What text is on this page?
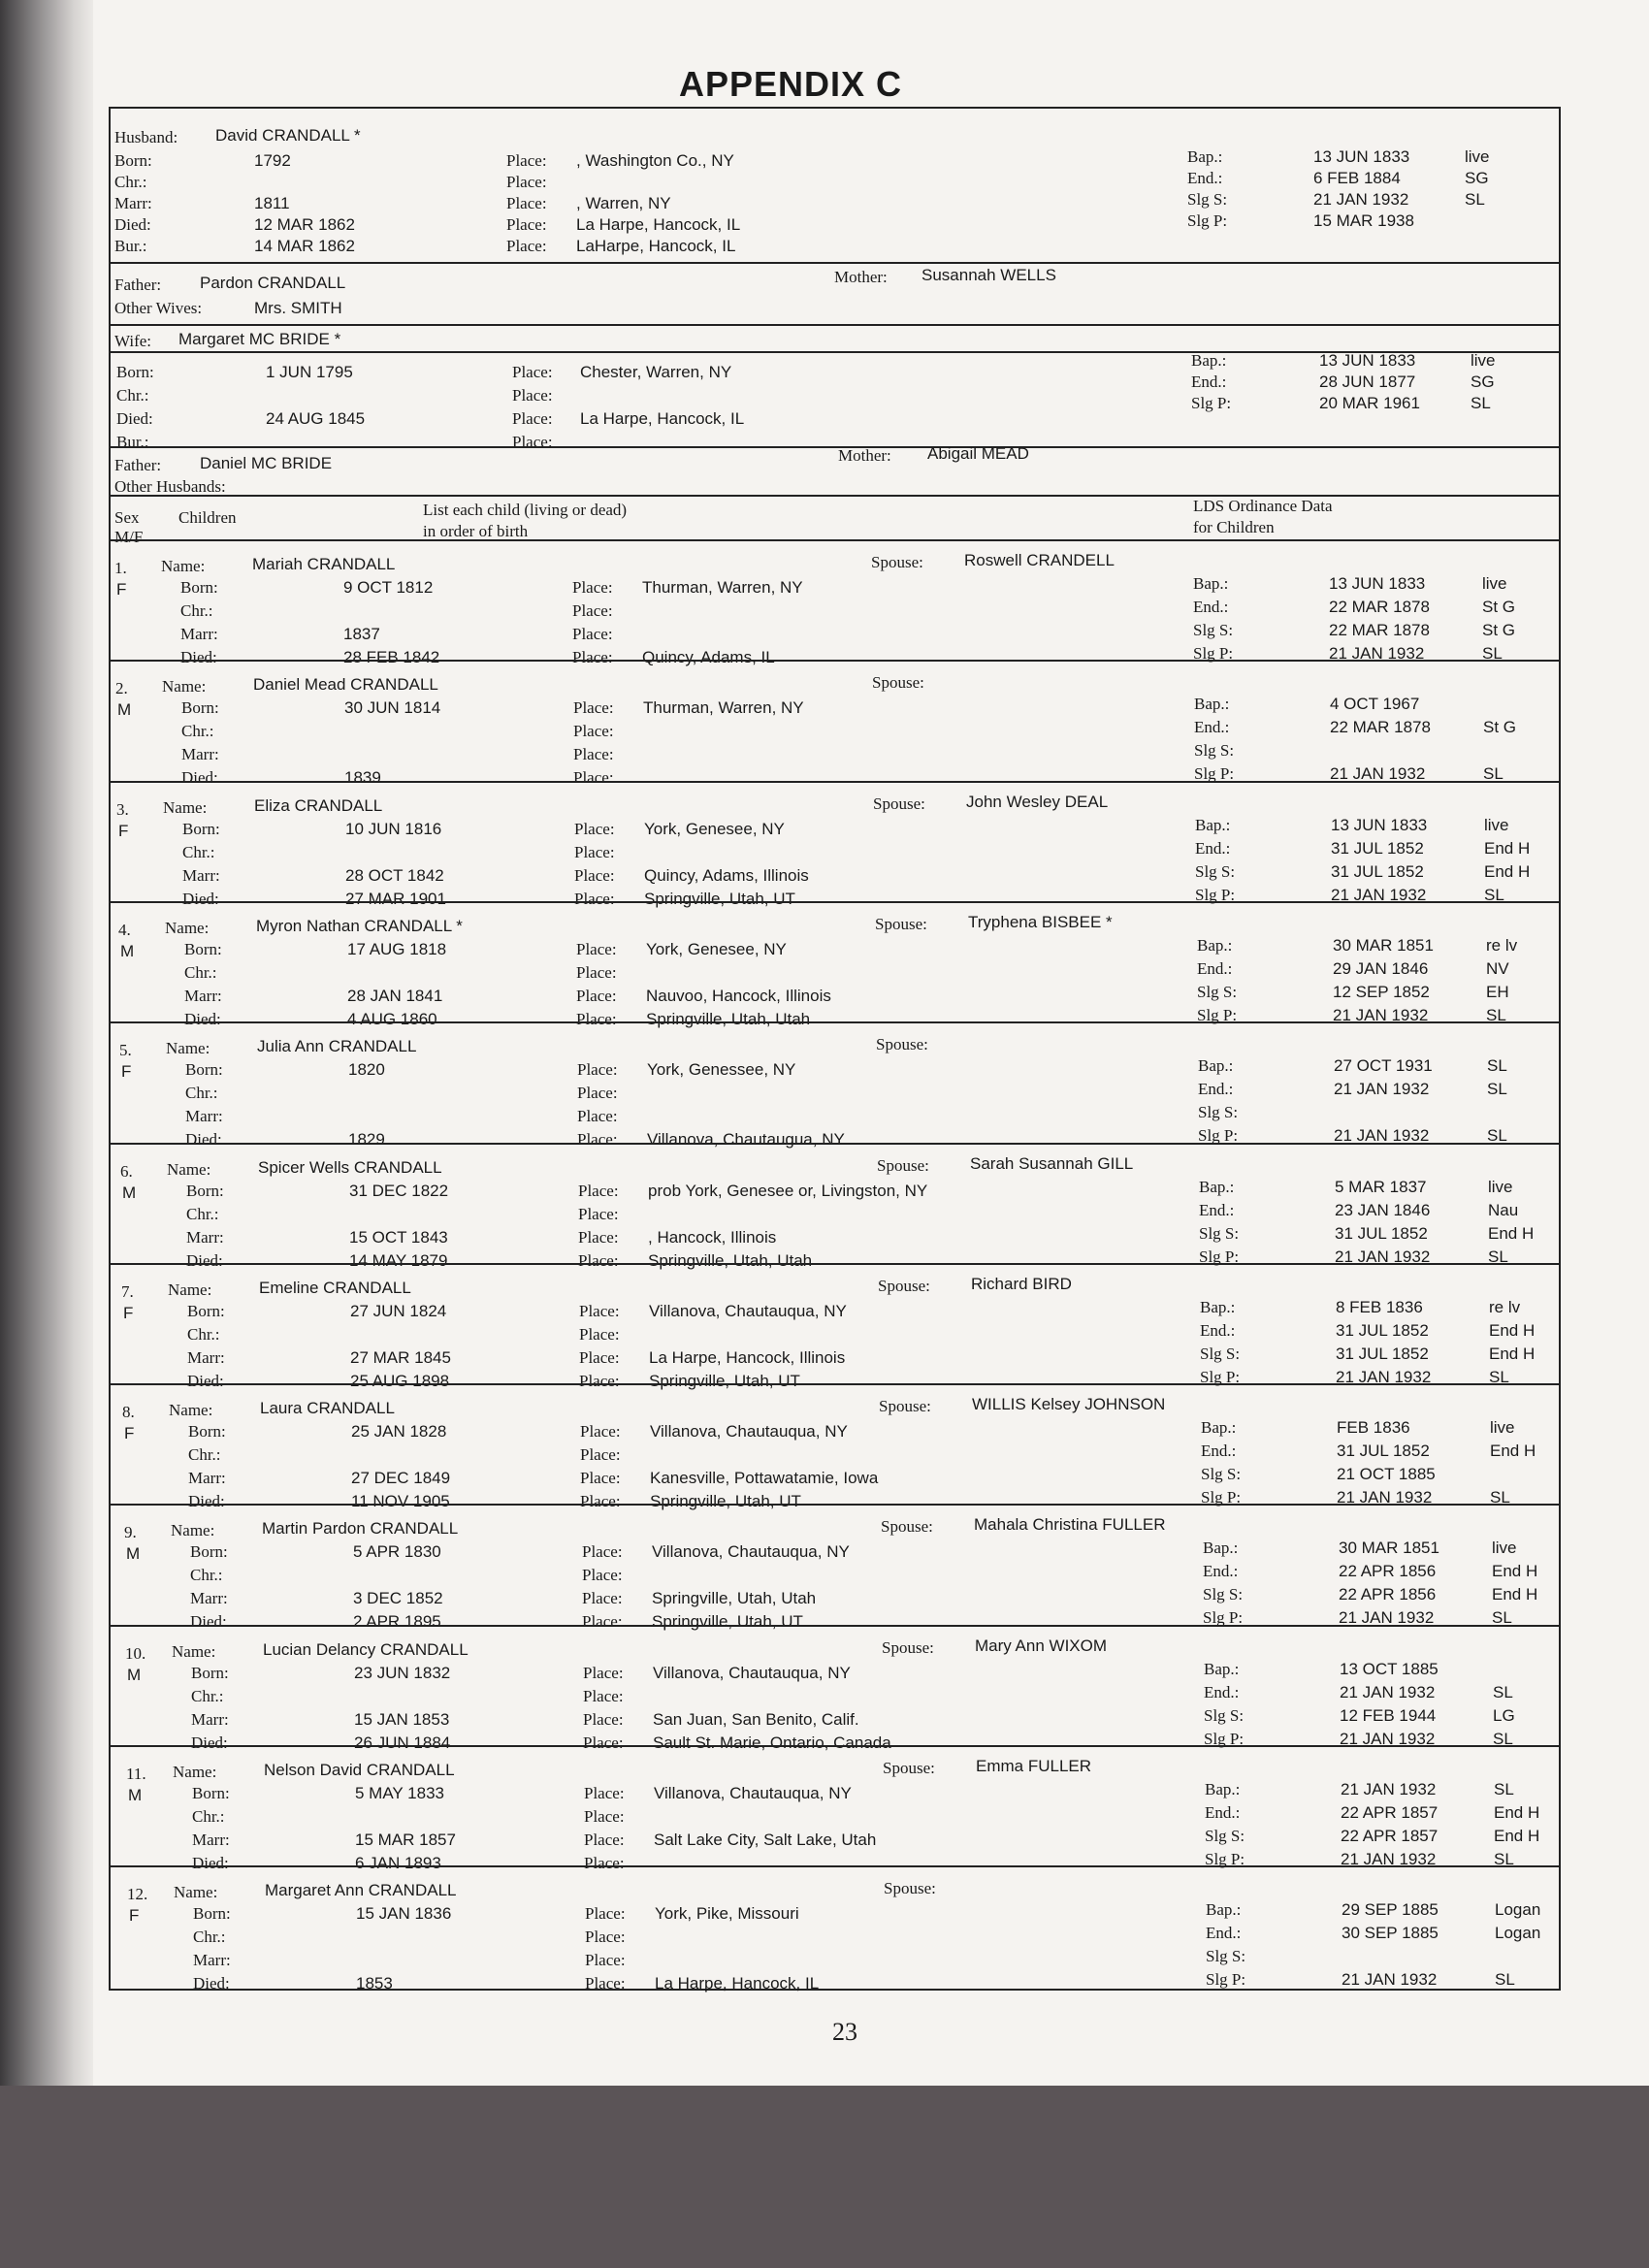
APPENDIX C
Husband: David CRANDALL *
Born:	1792	Place: , Washington Co., NY
Chr.:	Place:
Marr:	1811	Place: , Warren, NY
Died:	12 MAR 1862	Place: La Harpe, Hancock, IL
Bur.:	14 MAR 1862	Place: LaHarpe, Hancock, IL
Bap.:	13 JUN 1833	live
End.:	6 FEB 1884	SG
Slg S:	21 JAN 1932	SL
Slg P:	15 MAR 1938
Father: Pardon CRANDALL	Mother: Susannah WELLS
Other Wives:	Mrs. SMITH
Wife: Margaret MC BRIDE *
Born:	1 JUN 1795	Place: Chester, Warren, NY
Chr.:	Place:
Died:	24 AUG 1845	Place: La Harpe, Hancock, IL
Bur.:	Place:
Bap.:	13 JUN 1833	live
End.:	28 JUN 1877	SG
Slg P:	20 MAR 1961	SL
Father: Daniel MC BRIDE	Mother: Abigail MEAD
Other Husbands:
Sex
M/F
Children	List each child (living or dead)
in order of birth
LDS Ordinance Data
for Children
1.
F
Name:	Mariah CRANDALL	Spouse: Roswell CRANDELL
Born:	9 OCT 1812	Place: Thurman, Warren, NY
Chr.:	Place:
Marr:	1837	Place:
Died:	28 FEB 1842	Place: Quincy, Adams, IL
Bap.:	13 JUN 1833	live
End.:	22 MAR 1878	St G
Slg S:	22 MAR 1878	St G
Slg P:	21 JAN 1932	SL
2.
M
Name:	Daniel Mead CRANDALL	Spouse:
Born:	30 JUN 1814	Place: Thurman, Warren, NY
Chr.:	Place:
Marr:	Place:
Died:	1839	Place:
Bap.:	4 OCT 1967
End.:	22 MAR 1878	St G
Slg S:
Slg P:	21 JAN 1932	SL
3.
F
Name:	Eliza CRANDALL	Spouse: John Wesley DEAL
Born:	10 JUN 1816	Place: York, Genesee, NY
Chr.:	Place:
Marr:	28 OCT 1842	Place: Quincy, Adams, Illinois
Died:	27 MAR 1901	Place: Springville, Utah, UT
Bap.:	13 JUN 1833	live
End.:	31 JUL 1852	End H
Slg S:	31 JUL 1852	End H
Slg P:	21 JAN 1932	SL
4.
M
Name:	Myron Nathan CRANDALL *	Spouse: Tryphena BISBEE *
Born:	17 AUG 1818	Place: York, Genesee, NY
Chr.:	Place:
Marr:	28 JAN 1841	Place: Nauvoo, Hancock, Illinois
Died:	4 AUG 1860	Place: Springville, Utah, Utah
Bap.:	30 MAR 1851	re lv
End.:	29 JAN 1846	NV
Slg S:	12 SEP 1852	EH
Slg P:	21 JAN 1932	SL
5.
F
Name:	Julia Ann CRANDALL	Spouse:
Born:	1820	Place: York, Genessee, NY
Chr.:	Place:
Marr:	Place:
Died:	1829	Place: Villanova, Chautaugua, NY
Bap.:	27 OCT 1931	SL
End.:	21 JAN 1932	SL
Slg S:
Slg P:	21 JAN 1932	SL
6.
M
Name:	Spicer Wells CRANDALL	Spouse: Sarah Susannah GILL
Born:	31 DEC 1822	Place: prob York, Genesee or, Livingston, NY
Chr.:	Place:
Marr:	15 OCT 1843	Place: , Hancock, Illinois
Died:	14 MAY 1879	Place: Springville, Utah, Utah
Bap.:	5 MAR 1837	live
End.:	23 JAN 1846	Nau
Slg S:	31 JUL 1852	End H
Slg P:	21 JAN 1932	SL
7.
F
Name:	Emeline CRANDALL	Spouse: Richard BIRD
Born:	27 JUN 1824	Place: Villanova, Chautauqua, NY
Chr.:	Place:
Marr:	27 MAR 1845	Place: La Harpe, Hancock, Illinois
Died:	25 AUG 1898	Place: Springville, Utah, UT
Bap.:	8 FEB 1836	re lv
End.:	31 JUL 1852	End H
Slg S:	31 JUL 1852	End H
Slg P:	21 JAN 1932	SL
8.
F
Name:	Laura CRANDALL	Spouse: WILLIS Kelsey JOHNSON
Born:	25 JAN 1828	Place: Villanova, Chautauqua, NY
Chr.:	Place:
Marr:	27 DEC 1849	Place: Kanesville, Pottawatamie, Iowa
Died:	11 NOV 1905	Place: Springville, Utah, UT
Bap.:	FEB 1836	live
End.:	31 JUL 1852	End H
Slg S:	21 OCT 1885
Slg P:	21 JAN 1932	SL
9.
M
Name:	Martin Pardon CRANDALL	Spouse: Mahala Christina FULLER
Born:	5 APR 1830	Place: Villanova, Chautauqua, NY
Chr.:	Place:
Marr:	3 DEC 1852	Place: Springville, Utah, Utah
Died:	2 APR 1895	Place: Springville, Utah, UT
Bap.:	30 MAR 1851	live
End.:	22 APR 1856	End H
Slg S:	22 APR 1856	End H
Slg P:	21 JAN 1932	SL
10.
M
Name:	Lucian Delancy CRANDALL	Spouse: Mary Ann WIXOM
Born:	23 JUN 1832	Place: Villanova, Chautauqua, NY
Chr.:	Place:
Marr:	15 JAN 1853	Place: San Juan, San Benito, Calif.
Died:	26 JUN 1884	Place: Sault St. Marie, Ontario, Canada
Bap.:	13 OCT 1885
End.:	21 JAN 1932	SL
Slg S:	12 FEB 1944	LG
Slg P:	21 JAN 1932	SL
11.
M
Name:	Nelson David CRANDALL	Spouse: Emma FULLER
Born:	5 MAY 1833	Place: Villanova, Chautauqua, NY
Chr.:	Place:
Marr:	15 MAR 1857	Place: Salt Lake City, Salt Lake, Utah
Died:	6 JAN 1893	Place:
Bap.:	21 JAN 1932	SL
End.:	22 APR 1857	End H
Slg S:	22 APR 1857	End H
Slg P:	21 JAN 1932	SL
12.
F
Name:	Margaret Ann CRANDALL	Spouse:
Born:	15 JAN 1836	Place: York, Pike, Missouri
Chr.:	Place:
Marr:	Place:
Died:	1853	Place: La Harpe, Hancock, IL
Bap.:	29 SEP 1885	Logan
End.:	30 SEP 1885	Logan
Slg S:
Slg P:	21 JAN 1932	SL
23
